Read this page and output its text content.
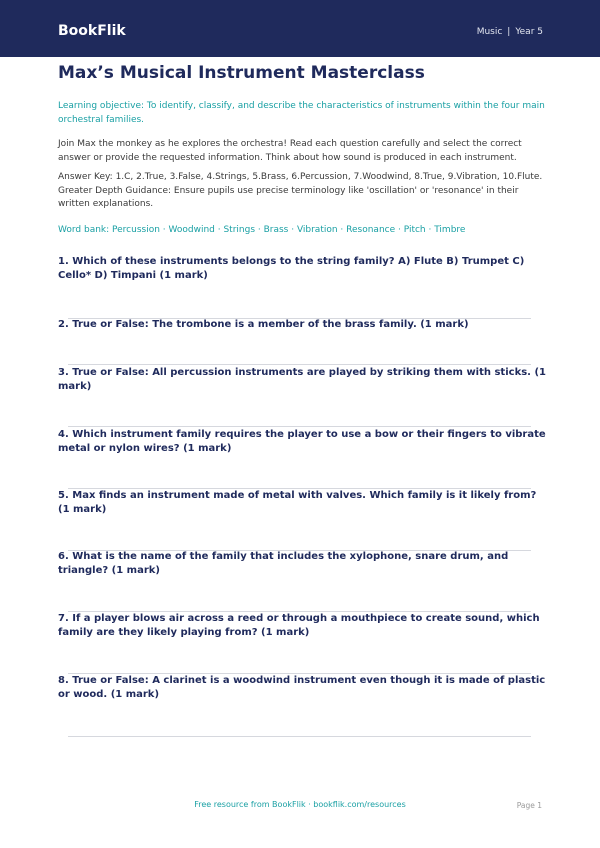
BookFlik	Music | Year 5
Max’s Musical Instrument Masterclass

Learning objective: To identify, classify, and describe the characteristics of instruments within the four main orchestral families.

Join Max the monkey as he explores the orchestra! Read each question carefully and select the correct answer or provide the requested information. Think about how sound is produced in each instrument.

Answer Key: 1.C, 2.True, 3.False, 4.Strings, 5.Brass, 6.Percussion, 7.Woodwind, 8.True, 9.Vibration, 10.Flute. Greater Depth Guidance: Ensure pupils use precise terminology like 'oscillation' or 'resonance' in their written explanations.

Word bank: Percussion · Woodwind · Strings · Brass · Vibration · Resonance · Pitch · Timbre

1. Which of these instruments belongs to the string family? A) Flute B) Trumpet C) Cello* D) Timpani (1 mark)

2. True or False: The trombone is a member of the brass family. (1 mark)

3. True or False: All percussion instruments are played by striking them with sticks. (1 mark)

4. Which instrument family requires the player to use a bow or their fingers to vibrate metal or nylon wires? (1 mark)

5. Max finds an instrument made of metal with valves. Which family is it likely from? (1 mark)

6. What is the name of the family that includes the xylophone, snare drum, and triangle? (1 mark)

7. If a player blows air across a reed or through a mouthpiece to create sound, which family are they likely playing from? (1 mark)

8. True or False: A clarinet is a woodwind instrument even though it is made of plastic or wood. (1 mark)

Free resource from BookFlik · bookflik.com/resources	Page 1
